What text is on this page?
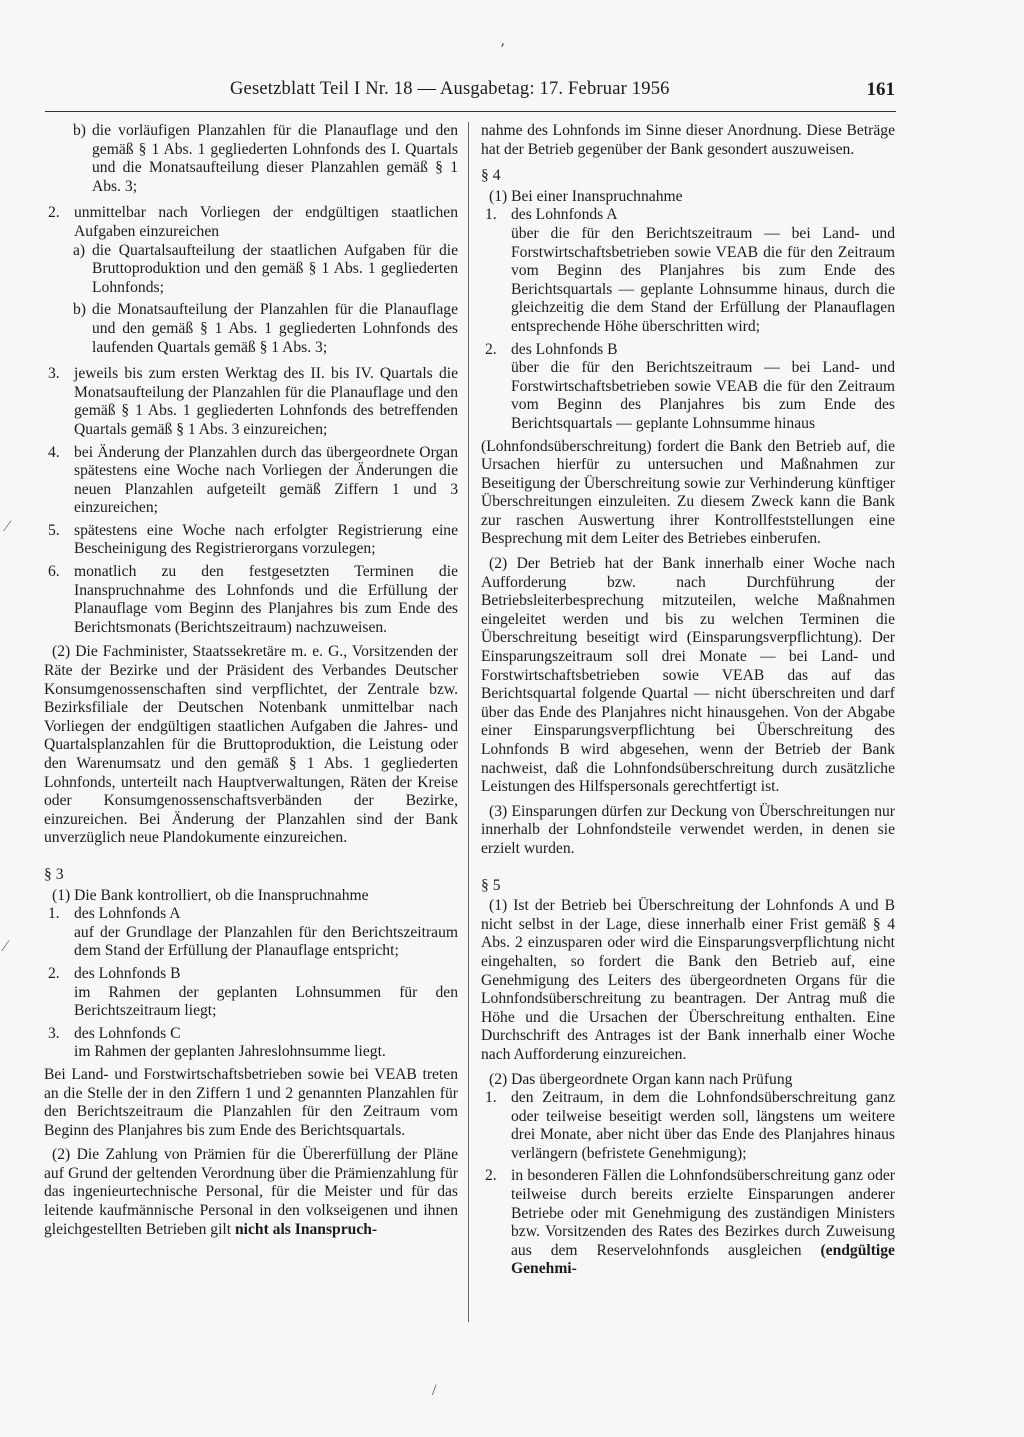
Gesetzblatt Teil I Nr. 18 — Ausgabetag: 17. Februar 1956	161
٬
b) die vorläufigen Planzahlen für die Planauflage und den gemäß § 1 Abs. 1 gegliederten Lohnfonds des I. Quartals und die Monatsaufteilung dieser Planzahlen gemäß § 1 Abs. 3;
2. unmittelbar nach Vorliegen der endgültigen staatlichen Aufgaben einzureichen
a) die Quartalsaufteilung der staatlichen Aufgaben für die Bruttoproduktion und den gemäß § 1 Abs. 1 gegliederten Lohnfonds;
b) die Monatsaufteilung der Planzahlen für die Planauflage und den gemäß § 1 Abs. 1 gegliederten Lohnfonds des laufenden Quartals gemäß § 1 Abs. 3;
3. jeweils bis zum ersten Werktag des II. bis IV. Quartals die Monatsaufteilung der Planzahlen für die Planauflage und den gemäß § 1 Abs. 1 gegliederten Lohnfonds des betreffenden Quartals gemäß § 1 Abs. 3 einzureichen;
4. bei Änderung der Planzahlen durch das übergeordnete Organ spätestens eine Woche nach Vorliegen der Änderungen die neuen Planzahlen aufgeteilt gemäß Ziffern 1 und 3 einzureichen;
5. spätestens eine Woche nach erfolgter Registrierung eine Bescheinigung des Registrierorgans vorzulegen;
6. monatlich zu den festgesetzten Terminen die Inanspruchnahme des Lohnfonds und die Erfüllung der Planauflage vom Beginn des Planjahres bis zum Ende des Berichtsmonats (Berichtszeitraum) nachzuweisen.

(2) Die Fachminister, Staatssekretäre m. e. G., Vorsitzenden der Räte der Bezirke und der Präsident des Verbandes Deutscher Konsumgenossenschaften sind verpflichtet, der Zentrale bzw. Bezirksfiliale der Deutschen Notenbank unmittelbar nach Vorliegen der endgültigen staatlichen Aufgaben die Jahres- und Quartalsplanzahlen für die Bruttoproduktion, die Leistung oder den Warenumsatz und den gemäß § 1 Abs. 1 gegliederten Lohnfonds, unterteilt nach Hauptverwaltungen, Räten der Kreise oder Konsumgenossenschaftsverbänden der Bezirke, einzureichen. Bei Änderung der Planzahlen sind der Bank unverzüglich neue Plandokumente einzureichen.

§ 3

(1) Die Bank kontrolliert, ob die Inanspruchnahme

1. des Lohnfonds A
auf der Grundlage der Planzahlen für den Berichtszeitraum dem Stand der Erfüllung der Planauflage entspricht;
2. des Lohnfonds B
im Rahmen der geplanten Lohnsummen für den Berichtszeitraum liegt;
3. des Lohnfonds C
im Rahmen der geplanten Jahreslohnsumme liegt.

Bei Land- und Forstwirtschaftsbetrieben sowie bei VEAB treten an die Stelle der in den Ziffern 1 und 2 genannten Planzahlen für den Berichtszeitraum die Planzahlen für den Zeitraum vom Beginn des Planjahres bis zum Ende des Berichtsquartals.

(2) Die Zahlung von Prämien für die Übererfüllung der Pläne auf Grund der geltenden Verordnung über die Prämienzahlung für das ingenieurtechnische Personal, für die Meister und für das leitende kaufmännische Personal in den volkseigenen und ihnen gleichgestellten Betrieben gilt nicht als Inanspruch-

nahme des Lohnfonds im Sinne dieser Anordnung. Diese Beträge hat der Betrieb gegenüber der Bank gesondert auszuweisen.

§ 4

(1) Bei einer Inanspruchnahme

1. des Lohnfonds A
über die für den Berichtszeitraum — bei Land- und Forstwirtschaftsbetrieben sowie VEAB die für den Zeitraum vom Beginn des Planjahres bis zum Ende des Berichtsquartals — geplante Lohnsumme hinaus, durch die gleichzeitig die dem Stand der Erfüllung der Planauflagen entsprechende Höhe überschritten wird;
2. des Lohnfonds B
über die für den Berichtszeitraum — bei Land- und Forstwirtschaftsbetrieben sowie VEAB die für den Zeitraum vom Beginn des Planjahres bis zum Ende des Berichtsquartals — geplante Lohnsumme hinaus

(Lohnfondsüberschreitung) fordert die Bank den Betrieb auf, die Ursachen hierfür zu untersuchen und Maßnahmen zur Beseitigung der Überschreitung sowie zur Verhinderung künftiger Überschreitungen einzuleiten. Zu diesem Zweck kann die Bank zur raschen Auswertung ihrer Kontrollfeststellungen eine Besprechung mit dem Leiter des Betriebes einberufen.

(2) Der Betrieb hat der Bank innerhalb einer Woche nach Aufforderung bzw. nach Durchführung der Betriebsleiterbesprechung mitzuteilen, welche Maßnahmen eingeleitet werden und bis zu welchen Terminen die Überschreitung beseitigt wird (Einsparungsverpflichtung). Der Einsparungszeitraum soll drei Monate — bei Land- und Forstwirtschaftsbetrieben sowie VEAB das auf das Berichtsquartal folgende Quartal — nicht überschreiten und darf über das Ende des Planjahres nicht hinausgehen. Von der Abgabe einer Einsparungsverpflichtung bei Überschreitung des Lohnfonds B wird abgesehen, wenn der Betrieb der Bank nachweist, daß die Lohnfondsüberschreitung durch zusätzliche Leistungen des Hilfspersonals gerechtfertigt ist.

(3) Einsparungen dürfen zur Deckung von Überschreitungen nur innerhalb der Lohnfondsteile verwendet werden, in denen sie erzielt wurden.

§ 5

(1) Ist der Betrieb bei Überschreitung der Lohnfonds A und B nicht selbst in der Lage, diese innerhalb einer Frist gemäß § 4 Abs. 2 einzusparen oder wird die Einsparungsverpflichtung nicht eingehalten, so fordert die Bank den Betrieb auf, eine Genehmigung des Leiters des übergeordneten Organs für die Lohnfondsüberschreitung zu beantragen. Der Antrag muß die Höhe und die Ursachen der Überschreitung enthalten. Eine Durchschrift des Antrages ist der Bank innerhalb einer Woche nach Aufforderung einzureichen.

(2) Das übergeordnete Organ kann nach Prüfung

1. den Zeitraum, in dem die Lohnfondsüberschreitung ganz oder teilweise beseitigt werden soll, längstens um weitere drei Monate, aber nicht über das Ende des Planjahres hinaus verlängern (befristete Genehmigung);
2. in besonderen Fällen die Lohnfondsüberschreitung ganz oder teilweise durch bereits erzielte Einsparungen anderer Betriebe oder mit Genehmigung des zuständigen Ministers bzw. Vorsitzenden des Rates des Bezirkes durch Zuweisung aus dem Reservelohnfonds ausgleichen (endgültige Genehmi-
⁄
⁄
/
